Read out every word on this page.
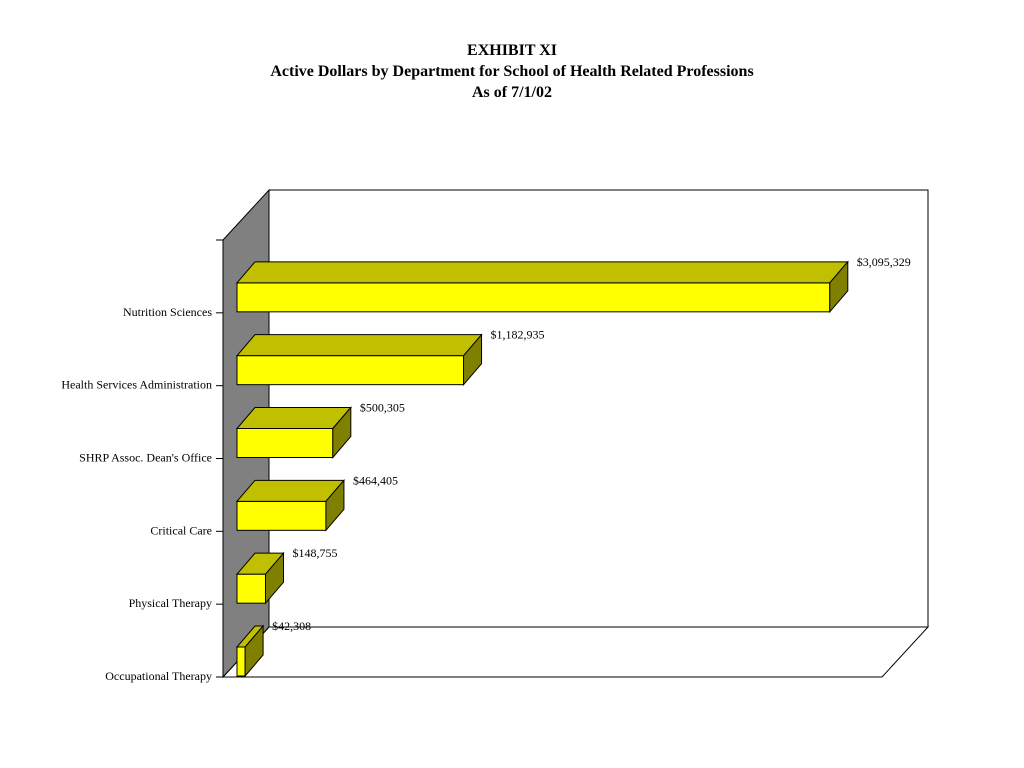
EXHIBIT XI
Active Dollars by Department for School of Health Related Professions
As of 7/1/02
$3,095,329
Nutrition Sciences
$1,182,935
Health Services Administration
$500,305
SHRP Assoc. Dean's Office
$464,405
Critical Care
$148,755
Physical Therapy
$42,308
Occupational Therapy
